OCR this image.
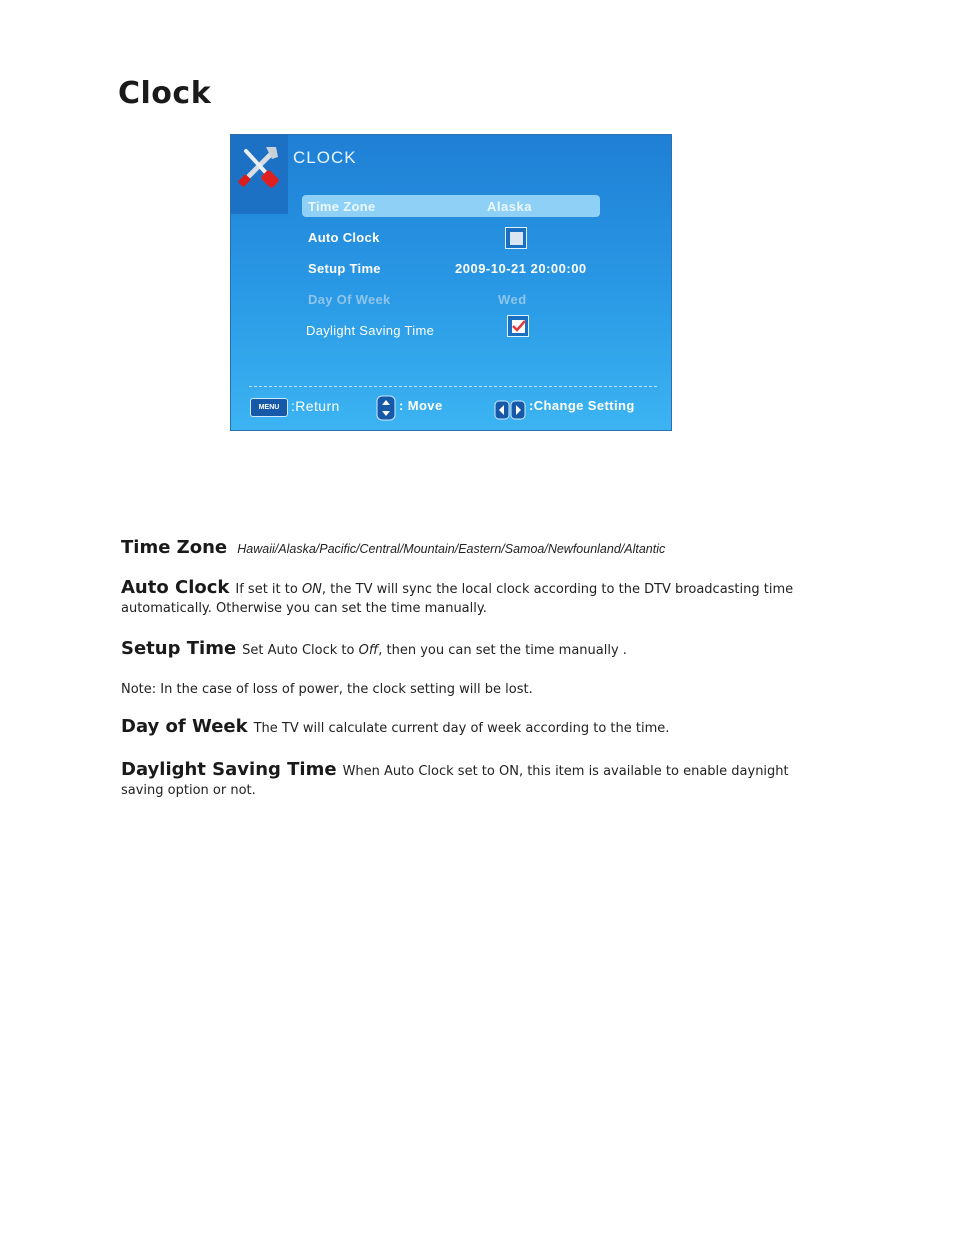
Clock
CLOCK
Time Zone	Alaska
Auto Clock
Setup Time	2009-10-21 20:00:00
Day Of Week	Wed
Daylight Saving Time
MENU :Return	: Move	:Change Setting
Time Zone Hawaii/Alaska/Pacific/Central/Mountain/Eastern/Samoa/Newfounland/Altantic
Auto Clock If set it to ON, the TV will sync the local clock according to the DTV broadcasting time
automatically. Otherwise you can set the time manually.
Setup Time Set Auto Clock to Off, then you can set the time manually .
Note: In the case of loss of power, the clock setting will be lost.
Day of Week The TV will calculate current day of week according to the time.
Daylight Saving Time When Auto Clock set to ON, this item is available to enable daynight
saving option or not.
